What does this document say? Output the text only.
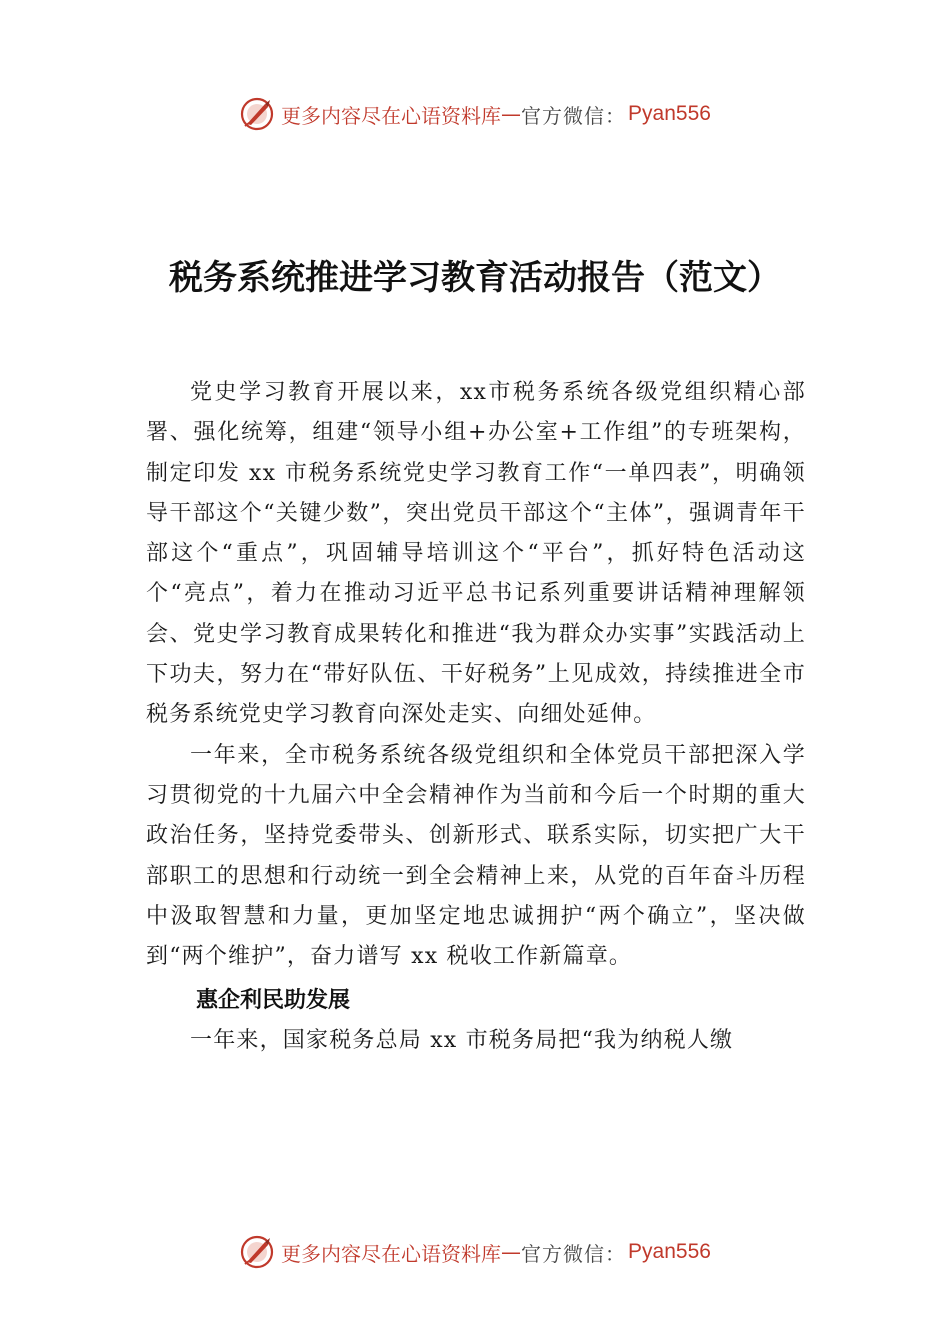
更多内容尽在心语资料库 — 官方微信： Pyan556
税务系统推进学习教育活动报告（范文）

党史学习教育开展以来，xx市税务系统各级党组织精心部署、强化统筹，组建“领导小组+办公室+工作组”的专班架构，制定印发 xx 市税务系统党史学习教育工作“一单四表”，明确领导干部这个“关键少数”，突出党员干部这个“主体”，强调青年干部这个“重点”，巩固辅导培训这个“平台”，抓好特色活动这个“亮点”，着力在推动习近平总书记系列重要讲话精神理解领会、党史学习教育成果转化和推进“我为群众办实事”实践活动上下功夫，努力在“带好队伍、干好税务”上见成效，持续推进全市税务系统党史学习教育向深处走实、向细处延伸。

一年来，全市税务系统各级党组织和全体党员干部把深入学习贯彻党的十九届六中全会精神作为当前和今后一个时期的重大政治任务，坚持党委带头、创新形式、联系实际，切实把广大干部职工的思想和行动统一到全会精神上来，从党的百年奋斗历程中汲取智慧和力量，更加坚定地忠诚拥护“两个确立”，坚决做到“两个维护”，奋力谱写 xx 税收工作新篇章。

惠企利民助发展

一年来，国家税务总局 xx 市税务局把“我为纳税人缴

更多内容尽在心语资料库 — 官方微信： Pyan556
